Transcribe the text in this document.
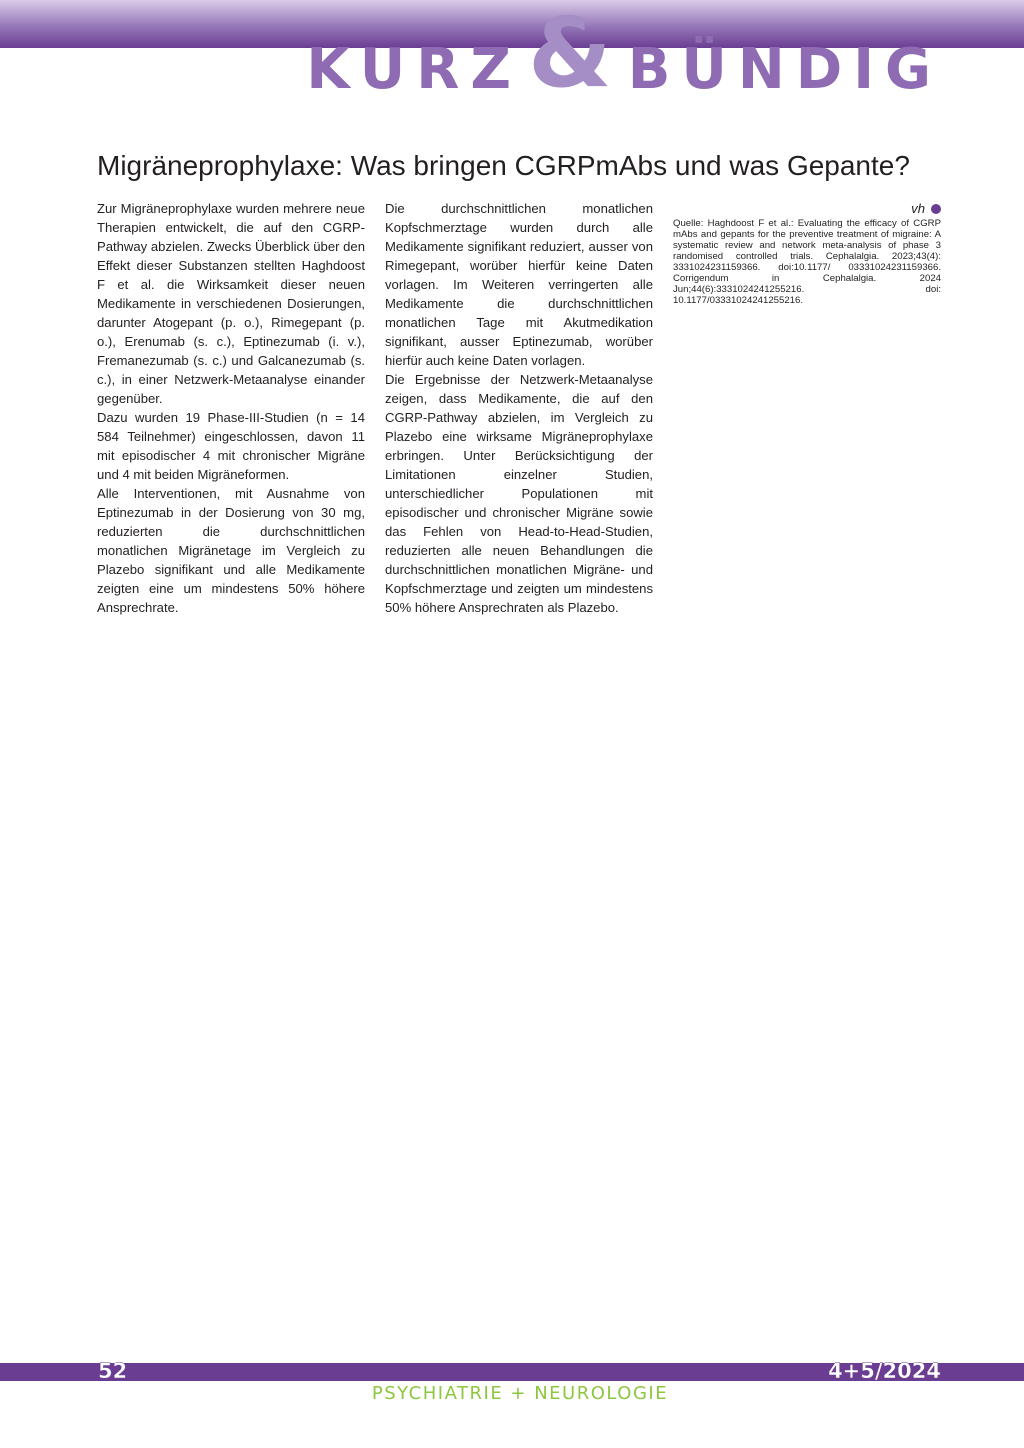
KURZ & BÜNDIG
Migräneprophylaxe: Was bringen CGRPmAbs und was Gepante?

Zur Migräneprophylaxe wurden mehrere neue Therapien entwickelt, die auf den CGRP-Pathway abzielen. Zwecks Überblick über den Effekt dieser Substanzen stellten Haghdoost F et al. die Wirksamkeit dieser neuen Medikamente in verschiedenen Dosierungen, darunter Atogepant (p. o.), Rimegepant (p. o.), Erenumab (s. c.), Eptinezumab (i. v.), Fremanezumab (s. c.) und Galcanezumab (s. c.), in einer Netzwerk-Metaanalyse einander gegenüber.

Dazu wurden 19 Phase-III-Studien (n = 14 584 Teilnehmer) eingeschlossen, davon 11 mit episodischer 4 mit chronischer Migräne und 4 mit beiden Migräneformen.

Alle Interventionen, mit Ausnahme von Eptinezumab in der Dosierung von 30 mg, reduzierten die durchschnittlichen monatlichen Migränetage im Vergleich zu Plazebo signifikant und alle Medikamente zeigten eine um mindestens 50% höhere Ansprechrate.

Die durchschnittlichen monatlichen Kopfschmerztage wurden durch alle Medikamente signifikant reduziert, ausser von Rimegepant, worüber hierfür keine Daten vorlagen. Im Weiteren verringerten alle Medikamente die durchschnittlichen monatlichen Tage mit Akutmedikation signifikant, ausser Eptinezumab, worüber hierfür auch keine Daten vorlagen.

Die Ergebnisse der Netzwerk-Metaanalyse zeigen, dass Medikamente, die auf den CGRP-Pathway abzielen, im Vergleich zu Plazebo eine wirksame Migräneprophylaxe erbringen. Unter Berücksichtigung der Limitationen einzelner Studien, unterschiedlicher Populationen mit episodischer und chronischer Migräne sowie das Fehlen von Head-to-Head-Studien, reduzierten alle neuen Behandlungen die durchschnittlichen monatlichen Migräne- und Kopfschmerztage und zeigten um mindestens 50% höhere Ansprechraten als Plazebo.

vh

Quelle: Haghdoost F et al.: Evaluating the efficacy of CGRP mAbs and gepants for the preventive treatment of migraine: A systematic review and network meta-analysis of phase 3 randomised controlled trials. Cephalalgia. 2023;43(4): 3331024231159366. doi:10.1177/ 03331024231159366. Corrigendum in Cephalalgia. 2024 Jun;44(6):3331024241255216. doi: 10.1177/03331024241255216.

52	4+5/2024
PSYCHIATRIE + NEUROLOGIE
